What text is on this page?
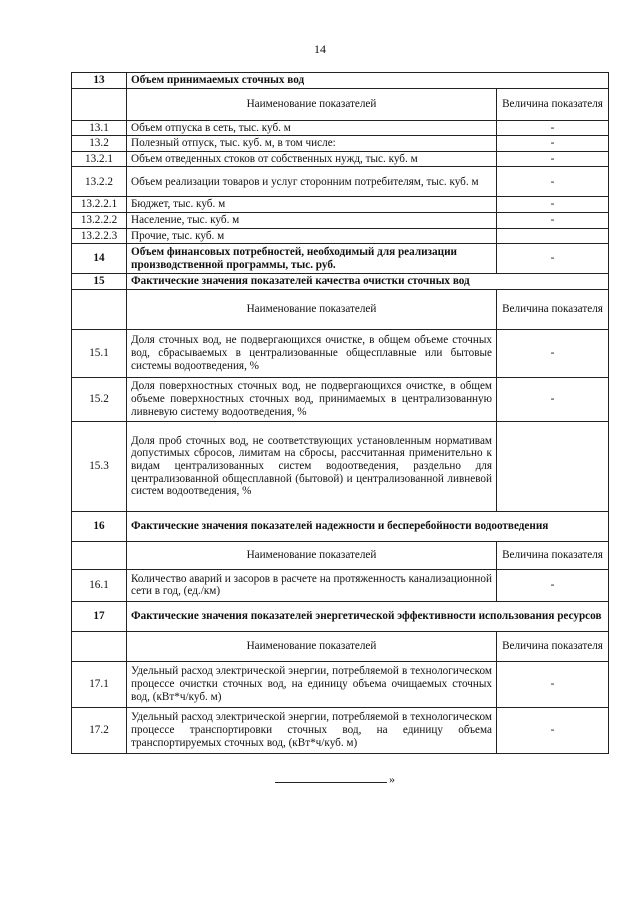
14
13	Объем принимаемых сточных вод	
	Наименование показателей	Величина показателя
13.1	Объем отпуска в сеть, тыс. куб. м	-
13.2	Полезный отпуск, тыс. куб. м, в том числе:	-
13.2.1	Объем отведенных стоков от собственных нужд, тыс. куб. м	-
13.2.2	Объем реализации товаров и услуг сторонним потребителям, тыс. куб. м	-
13.2.2.1	Бюджет, тыс. куб. м	-
13.2.2.2	Население, тыс. куб. м	-
13.2.2.3	Прочие, тыс. куб. м	
14	Объем финансовых потребностей, необходимый для реализации производственной программы, тыс. руб.	-
15	Фактические значения показателей качества очистки сточных вод	
	Наименование показателей	Величина показателя
15.1	Доля сточных вод, не подвергающихся очистке, в общем объеме сточных вод, сбрасываемых в централизованные общесплавные или бытовые системы водоотведения, %	-
15.2	Доля поверхностных сточных вод, не подвергающихся очистке, в общем объеме поверхностных сточных вод, принимаемых в централизованную ливневую систему водоотведения, %	-
15.3	Доля проб сточных вод, не соответствующих установленным нормативам допустимых сбросов, лимитам на сбросы, рассчитанная применительно к видам централизованных систем водоотведения, раздельно для централизованной общесплавной (бытовой) и централизованной ливневой систем водоотведения, %	
16	Фактические значения показателей надежности и бесперебойности водоотведения	
	Наименование показателей	Величина показателя
16.1	Количество аварий и засоров в расчете на протяженность канализационной сети в год, (ед./км)	-
17	Фактические значения показателей энергетической эффективности использования ресурсов	
	Наименование показателей	Величина показателя
17.1	Удельный расход электрической энергии, потребляемой в технологическом процессе очистки сточных вод, на единицу объема очищаемых сточных вод, (кВт*ч/куб. м)	-
17.2	Удельный расход электрической энергии, потребляемой в технологическом процессе транспортировки сточных вод, на единицу объема транспортируемых сточных вод, (кВт*ч/куб. м)	-
»
